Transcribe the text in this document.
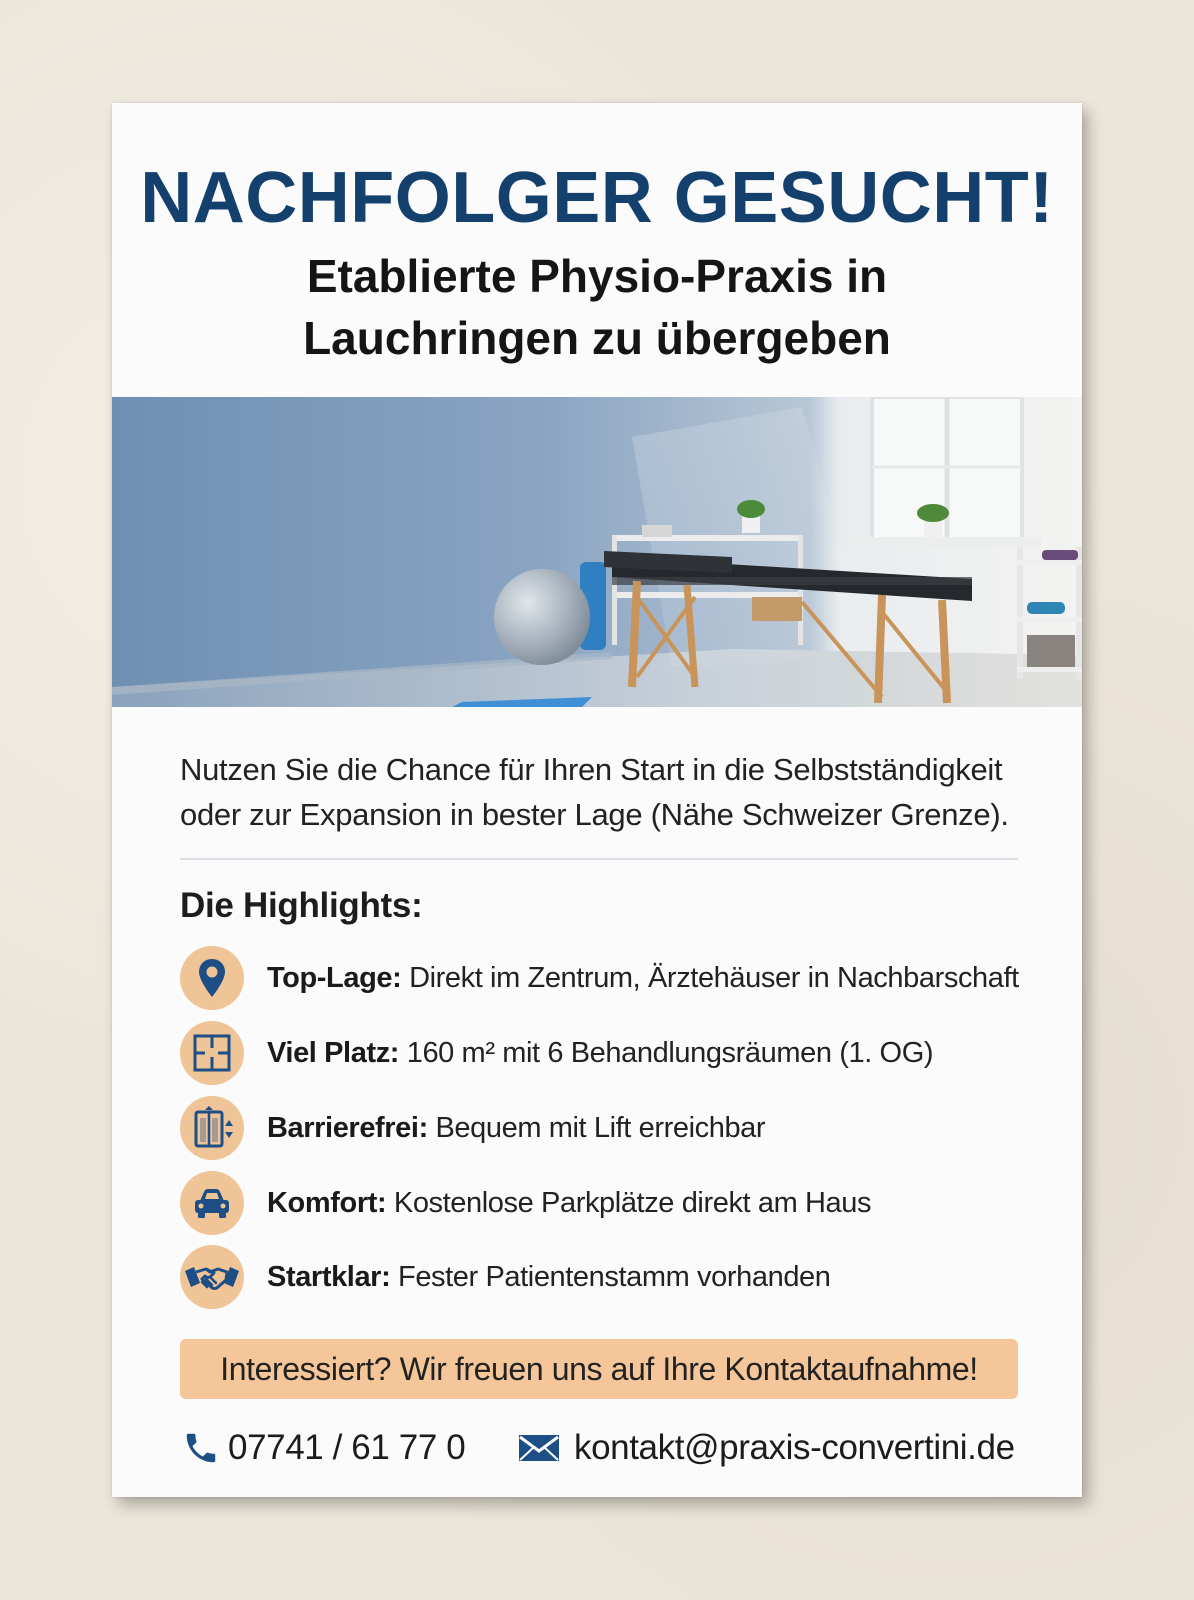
NACHFOLGER GESUCHT!
Etablierte Physio-Praxis in
Lauchringen zu übergeben
Nutzen Sie die Chance für Ihren Start in die Selbstständigkeit
oder zur Expansion in bester Lage (Nähe Schweizer Grenze).
Die Highlights:
Top-Lage: Direkt im Zentrum, Ärztehäuser in Nachbarschaft
Viel Platz: 160 m² mit 6 Behandlungsräumen (1. OG)
Barrierefrei: Bequem mit Lift erreichbar
Komfort: Kostenlose Parkplätze direkt am Haus
Startklar: Fester Patientenstamm vorhanden
Interessiert? Wir freuen uns auf Ihre Kontaktaufnahme!
07741 / 61 77 0	kontakt@praxis-convertini.de
